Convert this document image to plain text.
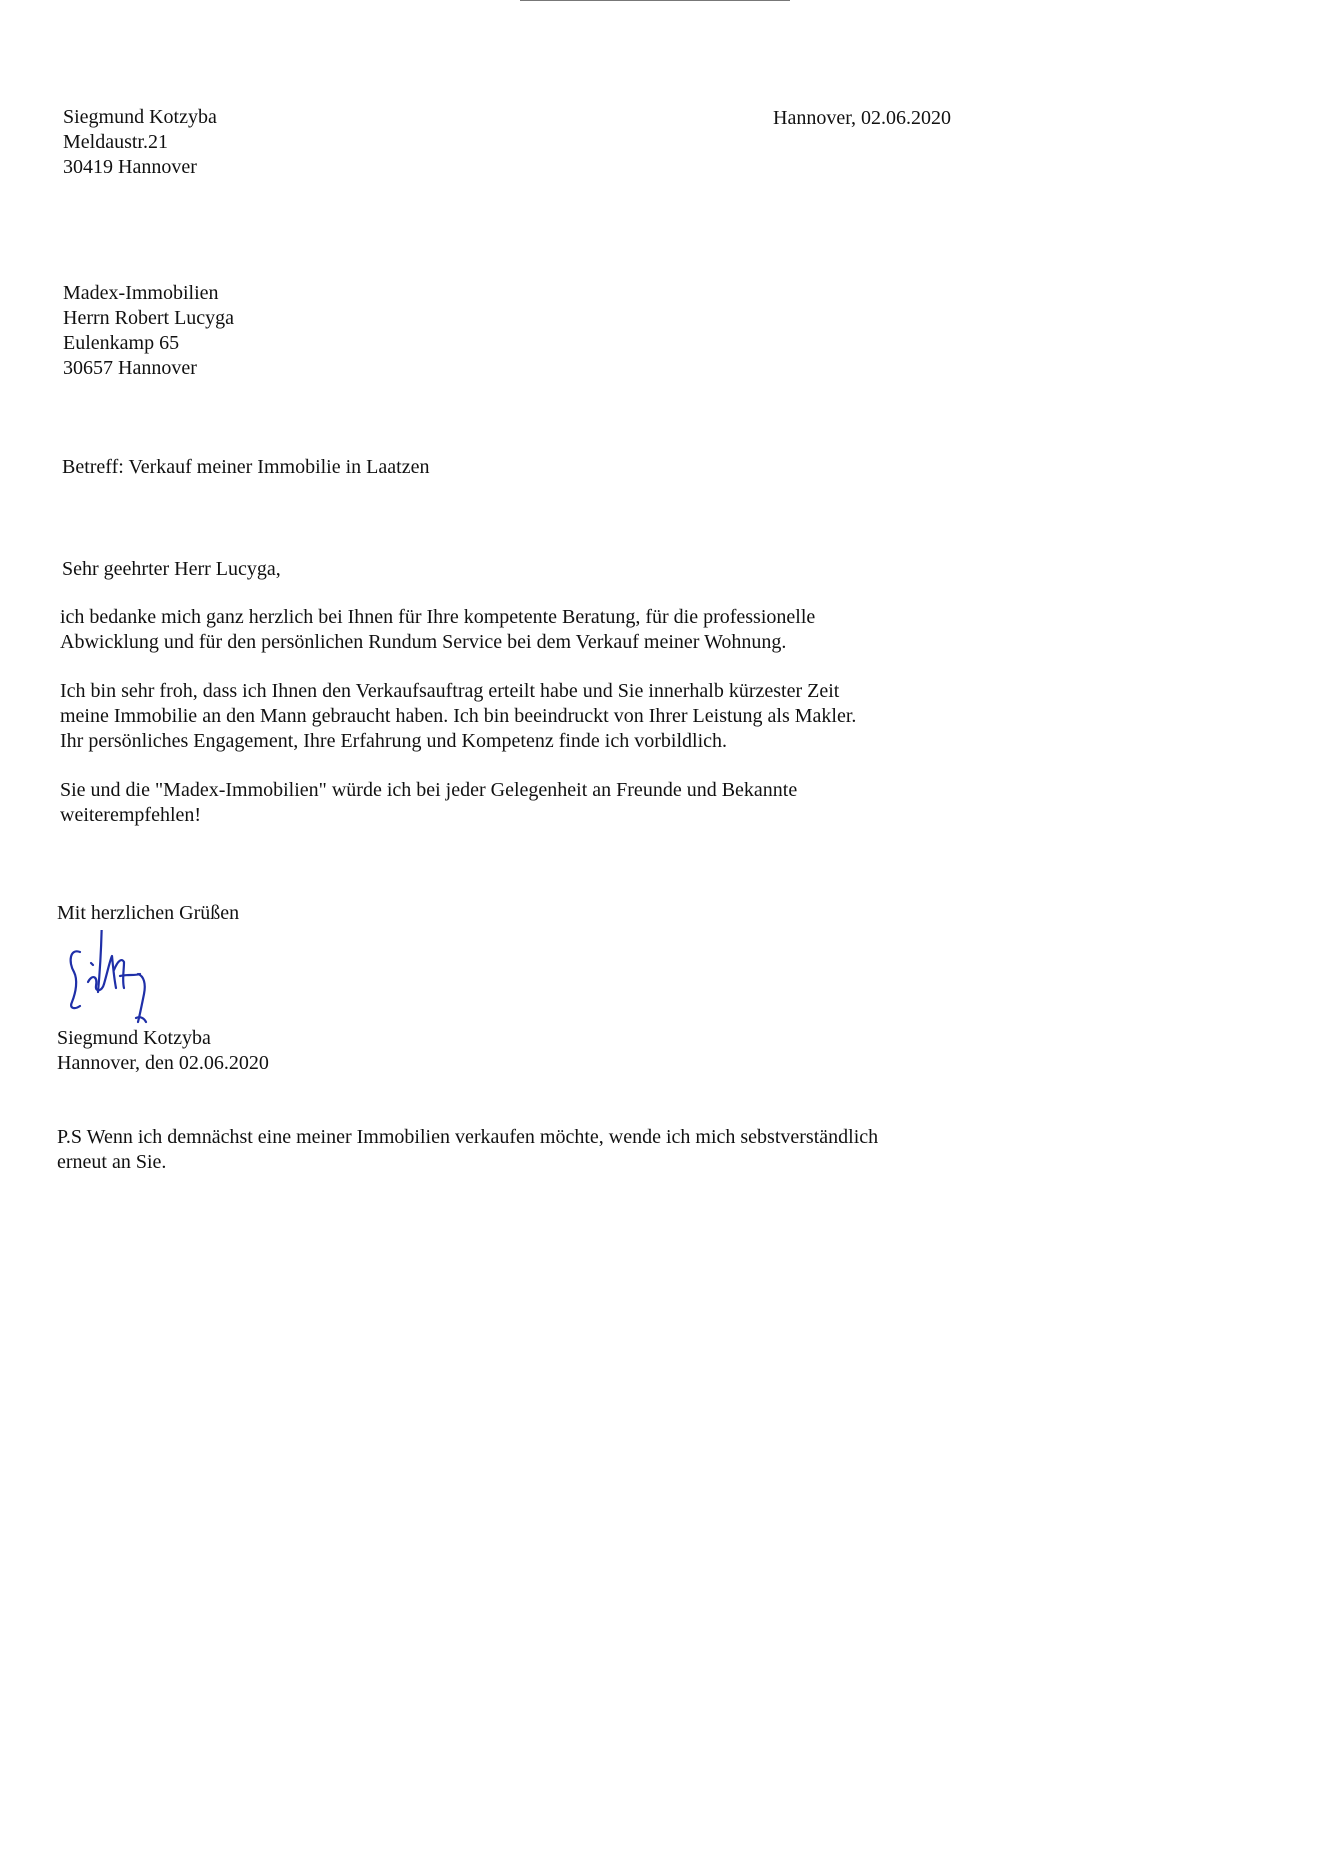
Siegmund Kotzyba
Meldaustr.21
30419 Hannover
Hannover, 02.06.2020
Madex-Immobilien
Herrn Robert Lucyga
Eulenkamp 65
30657 Hannover
Betreff: Verkauf meiner Immobilie in Laatzen
Sehr geehrter Herr Lucyga,
ich bedanke mich ganz herzlich bei Ihnen für Ihre kompetente Beratung, für die professionelle
Abwicklung und für den persönlichen Rundum Service bei dem Verkauf meiner Wohnung.
Ich bin sehr froh, dass ich Ihnen den Verkaufsauftrag erteilt habe und Sie innerhalb kürzester Zeit
meine Immobilie an den Mann gebraucht haben. Ich bin beeindruckt von Ihrer Leistung als Makler.
Ihr persönliches Engagement, Ihre Erfahrung und Kompetenz finde ich vorbildlich.
Sie und die "Madex-Immobilien" würde ich bei jeder Gelegenheit an Freunde und Bekannte
weiterempfehlen!
Mit herzlichen Grüßen
Siegmund Kotzyba
Hannover, den 02.06.2020
P.S Wenn ich demnächst eine meiner Immobilien verkaufen möchte, wende ich mich sebstverständlich
erneut an Sie.
